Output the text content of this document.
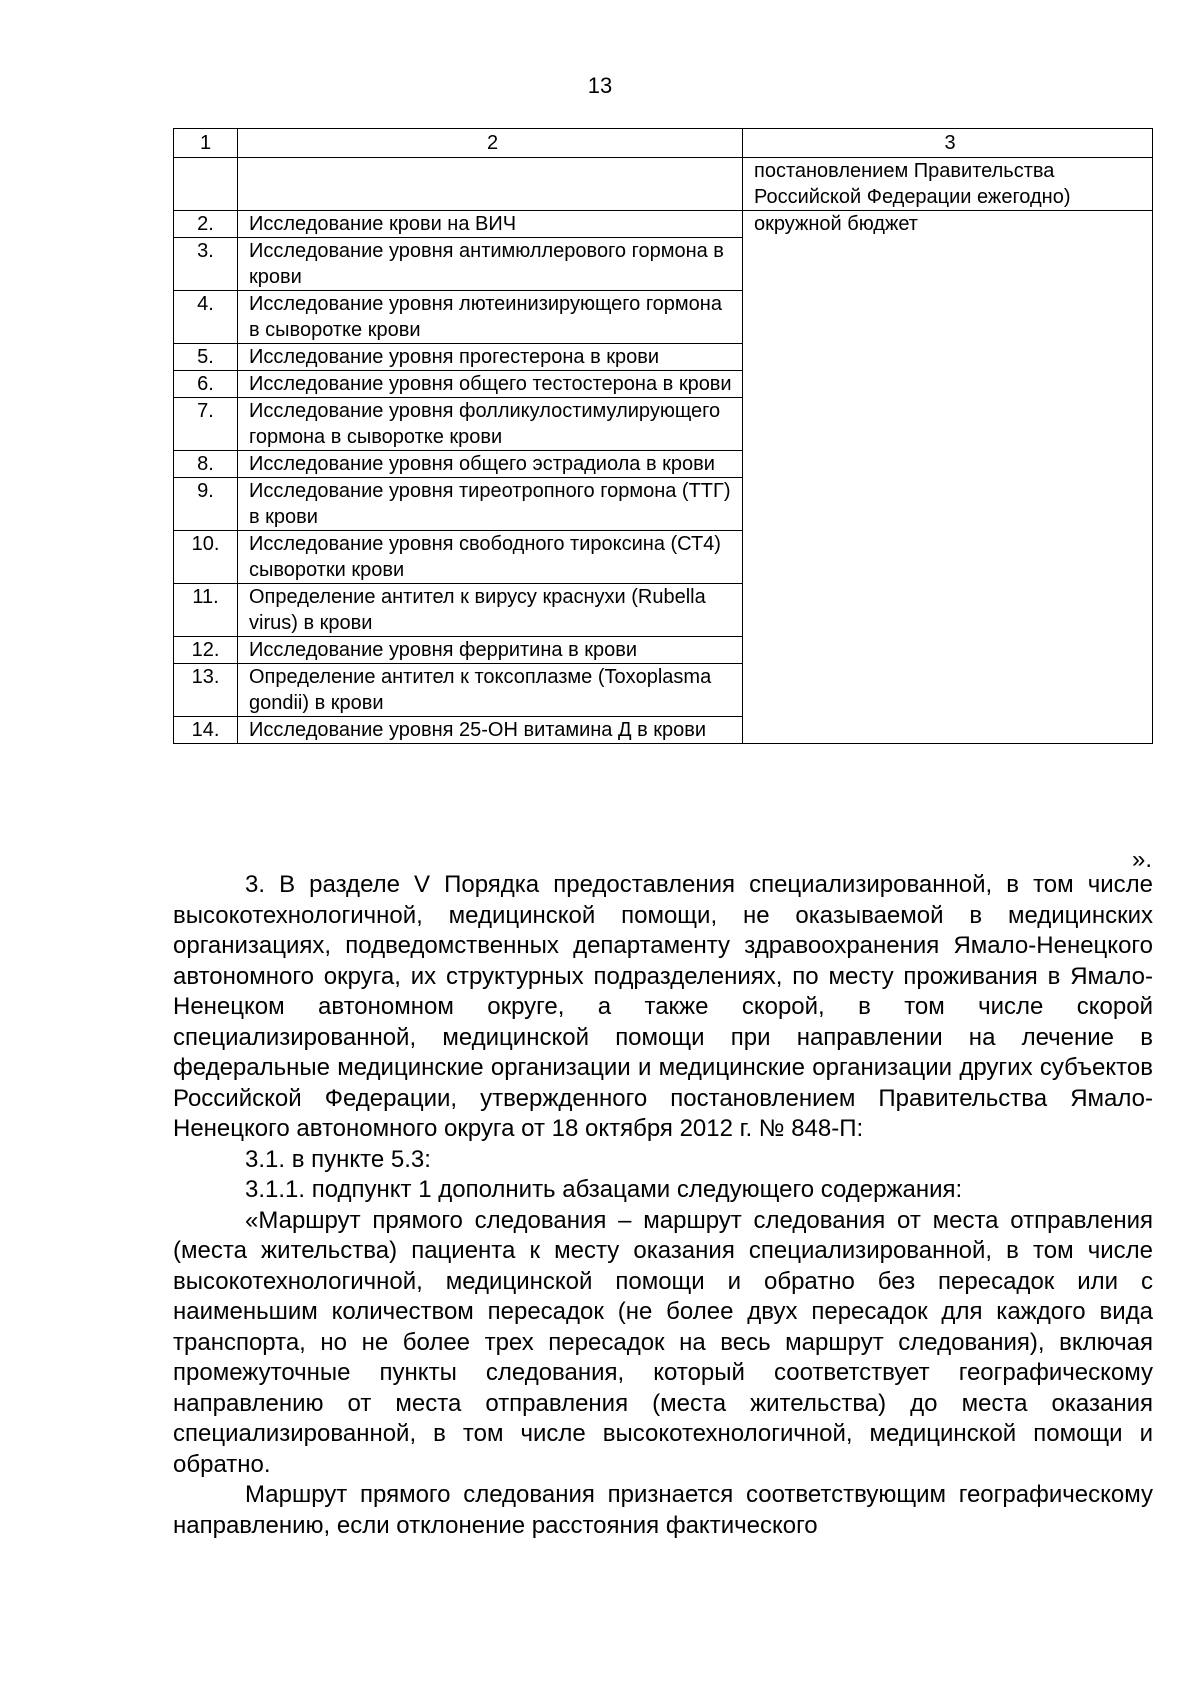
13
1	2	3
		постановлением Правительства Российской Федерации ежегодно)
2.	Исследование крови на ВИЧ	окружной бюджет
3.	Исследование уровня антимюллерового гормона в крови	
4.	Исследование уровня лютеинизирующего гормона в сыворотке крови	
5.	Исследование уровня прогестерона в крови	
6.	Исследование уровня общего тестостерона в крови	
7.	Исследование уровня фолликулостимулирующего гормона в сыворотке крови	
8.	Исследование уровня общего эстрадиола в крови	
9.	Исследование уровня тиреотропного гормона (ТТГ) в крови	
10.	Исследование уровня свободного тироксина (СТ4) сыворотки крови	
11.	Определение антител к вирусу краснухи (Rubella virus) в крови	
12.	Исследование уровня ферритина в крови	
13.	Определение антител к токсоплазме (Toxoplasma gondii) в крови	
14.	Исследование уровня 25-ОН витамина Д в крови	
».

3. В разделе V Порядка предоставления специализированной, в том числе высокотехнологичной, медицинской помощи, не оказываемой в медицинских организациях, подведомственных департаменту здравоохранения Ямало-Ненецкого автономного округа, их структурных подразделениях, по месту проживания в Ямало-Ненецком автономном округе, а также скорой, в том числе скорой специализированной, медицинской помощи при направлении на лечение в федеральные медицинские организации и медицинские организации других субъектов Российской Федерации, утвержденного постановлением Правительства Ямало-Ненецкого автономного округа от 18 октября 2012 г. № 848-П:

3.1. в пункте 5.3:

3.1.1. подпункт 1 дополнить абзацами следующего содержания:

«Маршрут прямого следования – маршрут следования от места отправления (места жительства) пациента к месту оказания специализированной, в том числе высокотехнологичной, медицинской помощи и обратно без пересадок или с наименьшим количеством пересадок (не более двух пересадок для каждого вида транспорта, но не более трех пересадок на весь маршрут следования), включая промежуточные пункты следования, который соответствует географическому направлению от места отправления (места жительства) до места оказания специализированной, в том числе высокотехнологичной, медицинской помощи и обратно.

Маршрут прямого следования признается соответствующим географическому направлению, если отклонение расстояния фактического
